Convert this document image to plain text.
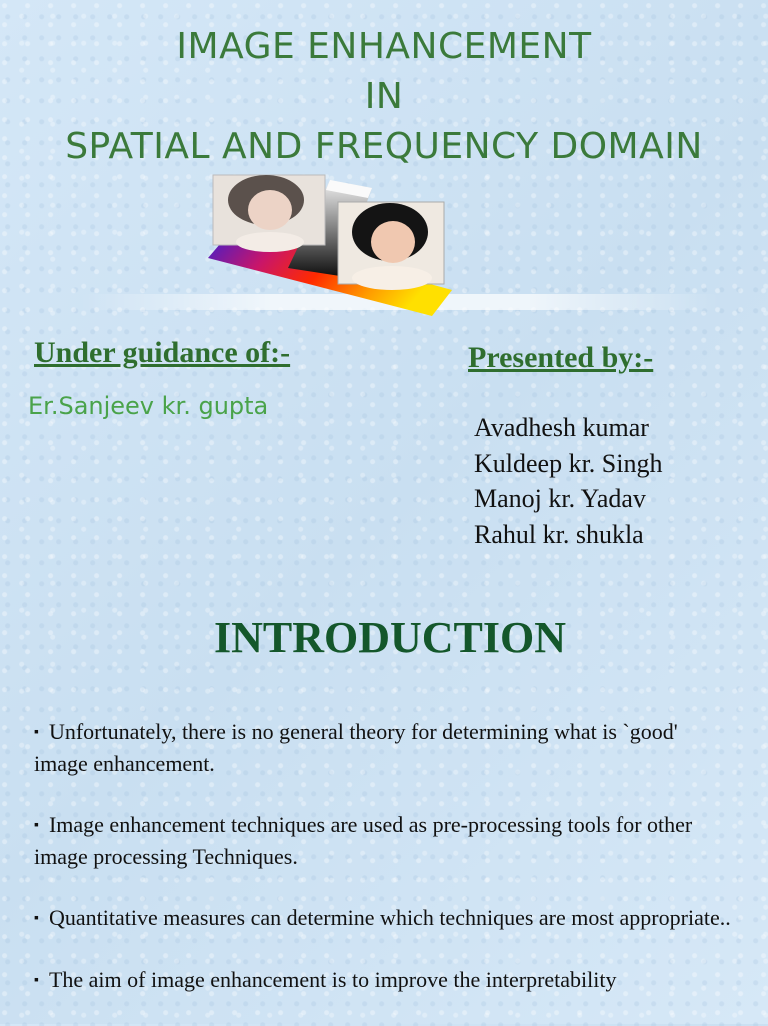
IMAGE ENHANCEMENT
IN
SPATIAL AND FREQUENCY DOMAIN
Under guidance of:-
Er.Sanjeev kr. gupta
Presented by:-
Avadhesh kumar
Kuldeep kr. Singh
Manoj kr. Yadav
Rahul kr. shukla
INTRODUCTION
▪ Unfortunately, there is no general theory for determining what is `good' image enhancement.
▪ Image enhancement techniques are used as pre-processing tools for other image processing Techniques.
▪ Quantitative measures can determine which techniques are most appropriate..
▪ The aim of image enhancement is to improve the interpretability
